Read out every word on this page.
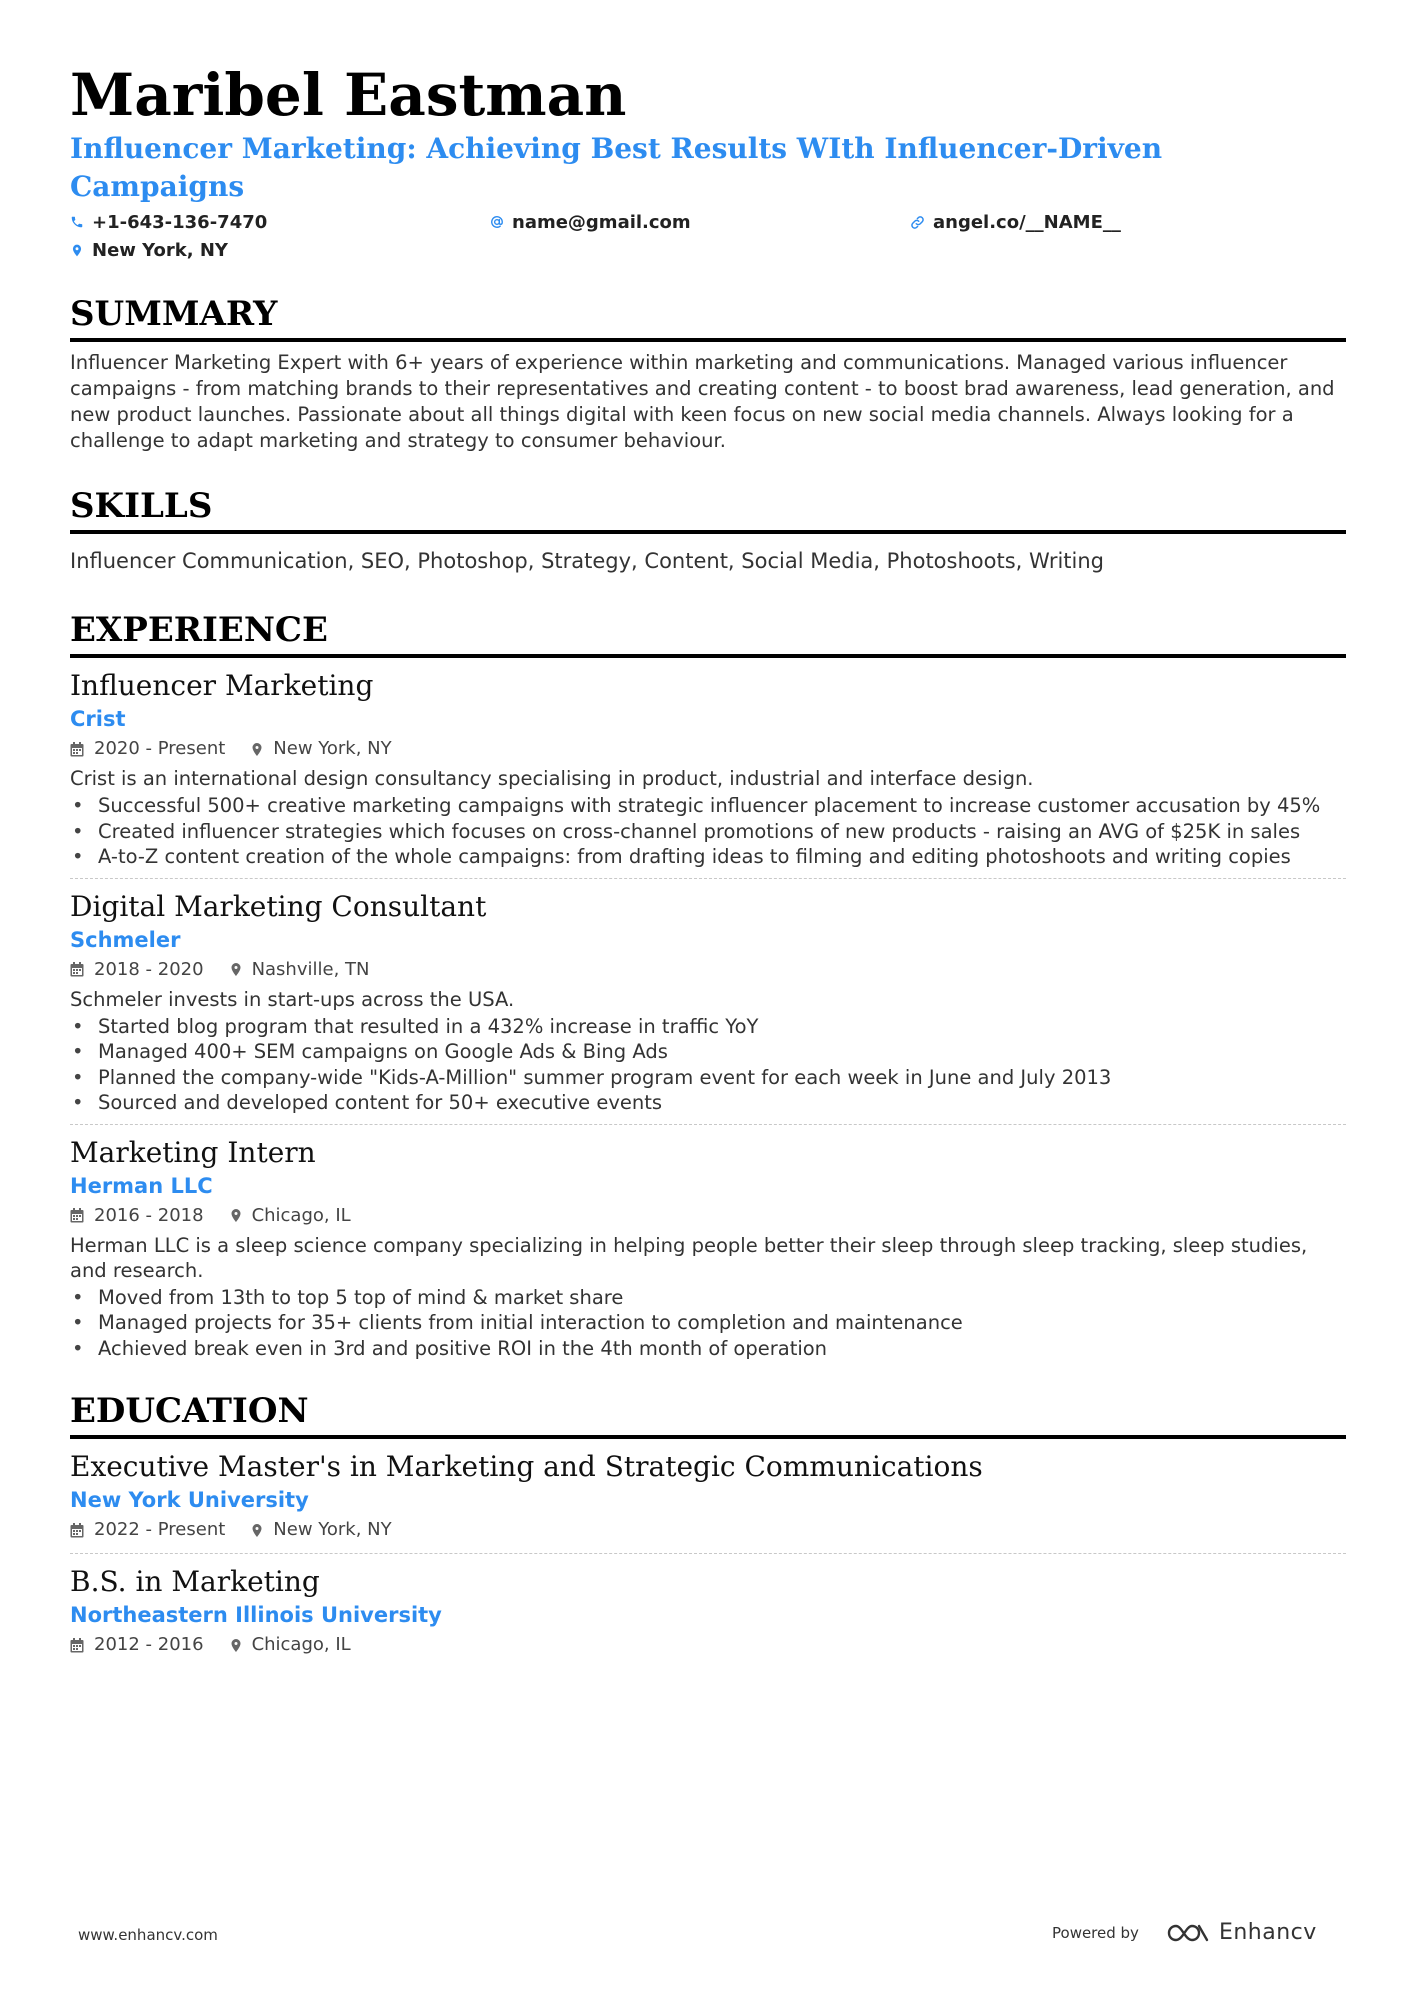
Maribel Eastman

Influencer Marketing: Achieving Best Results WIth Influencer-Driven Campaigns

+1-643-136-7470	name@gmail.com	angel.co/__NAME__
New York, NY
SUMMARY

Influencer Marketing Expert with 6+ years of experience within marketing and communications. Managed various influencer campaigns - from matching brands to their representatives and creating content - to boost brad awareness, lead generation, and new product launches. Passionate about all things digital with keen focus on new social media channels. Always looking for a challenge to adapt marketing and strategy to consumer behaviour.

SKILLS

Influencer Communication, SEO, Photoshop, Strategy, Content, Social Media, Photoshoots, Writing

EXPERIENCE

Influencer Marketing

Crist

2020 - Present	New York, NY

Crist is an international design consultancy specialising in product, industrial and interface design.

• Successful 500+ creative marketing campaigns with strategic influencer placement to increase customer accusation by 45%
• Created influencer strategies which focuses on cross-channel promotions of new products - raising an AVG of $25K in sales
• A-to-Z content creation of the whole campaigns: from drafting ideas to filming and editing photoshoots and writing copies

Digital Marketing Consultant

Schmeler

2018 - 2020	Nashville, TN

Schmeler invests in start-ups across the USA.

• Started blog program that resulted in a 432% increase in traffic YoY
• Managed 400+ SEM campaigns on Google Ads & Bing Ads
• Planned the company-wide "Kids-A-Million" summer program event for each week in June and July 2013
• Sourced and developed content for 50+ executive events

Marketing Intern

Herman LLC

2016 - 2018	Chicago, IL

Herman LLC is a sleep science company specializing in helping people better their sleep through sleep tracking, sleep studies, and research.

• Moved from 13th to top 5 top of mind & market share
• Managed projects for 35+ clients from initial interaction to completion and maintenance
• Achieved break even in 3rd and positive ROI in the 4th month of operation
EDUCATION

Executive Master's in Marketing and Strategic Communications

New York University

2022 - Present	New York, NY

B.S. in Marketing

Northeastern Illinois University

2012 - 2016	Chicago, IL
www.enhancv.com	Powered by	Enhancv
